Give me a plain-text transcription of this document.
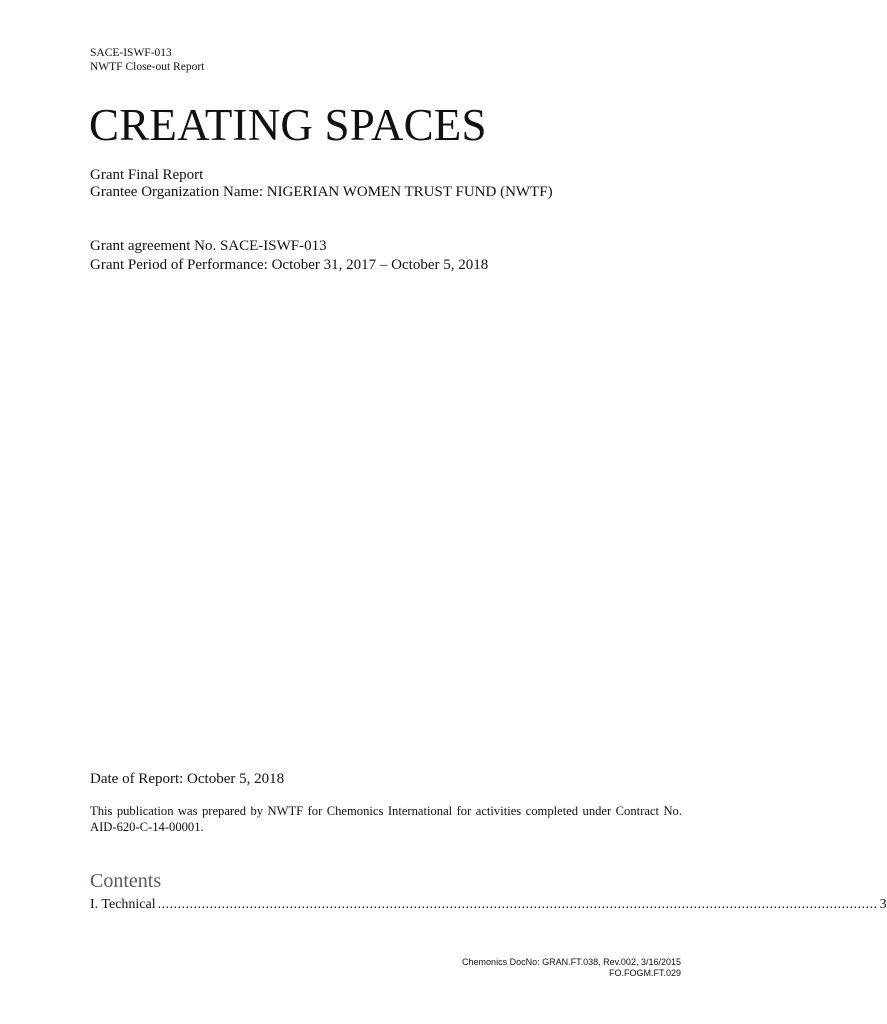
SACE-ISWF-013
NWTF Close-out Report
CREATING SPACES
Grant Final Report
Grantee Organization Name: NIGERIAN WOMEN TRUST FUND (NWTF)
Grant agreement No. SACE-ISWF-013
Grant Period of Performance: October 31, 2017 – October 5, 2018
Date of Report: October 5, 2018

This publication was prepared by NWTF for Chemonics International for activities completed under Contract No. AID-620-C-14-00001.

Contents
I. Technical .................................................................................................................................................................................... 3
Chemonics DocNo: GRAN.FT.038, Rev.002, 3/16/2015
FO.FOGM.FT.029
